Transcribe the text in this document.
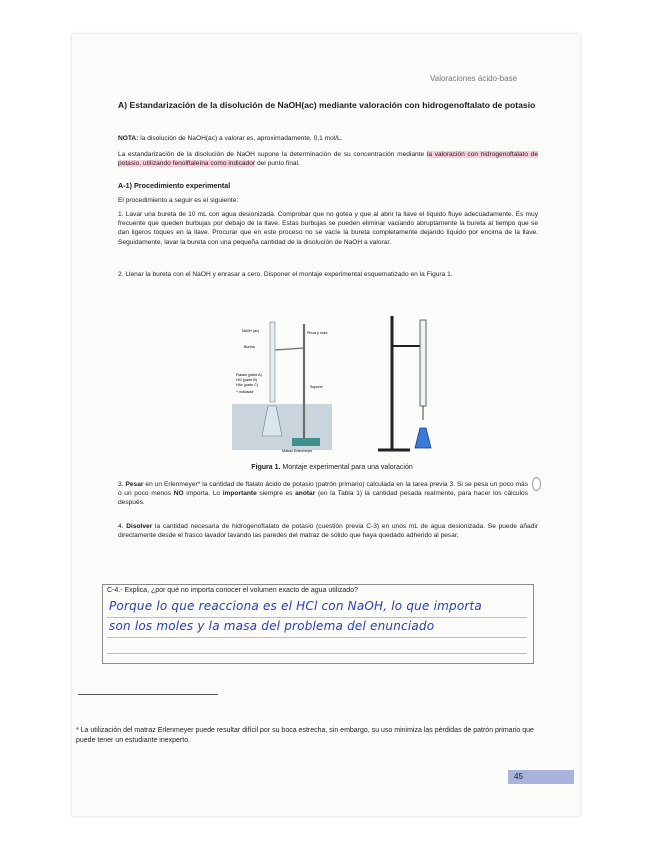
Valoraciones ácido-base
A) Estandarización de la disolución de NaOH(ac) mediante valoración con hidrogenoftalato de potasio
NOTA: la disolución de NaOH(ac) a valorar es, aproximadamente, 0,1 mol/L.
La estandarización de la disolución de NaOH supone la determinación de su concentración mediante la valoración con hidrogenoftalato de potasio, utilizando fenolftaleína como indicador del punto final.
A-1) Procedimiento experimental
El procedimiento a seguir es el siguiente:
1. Lavar una bureta de 10 mL con agua desionizada. Comprobar que no gotea y que al abrir la llave el líquido fluye adecuadamente. Es muy frecuente que queden burbujas por debajo de la llave. Estas burbujas se pueden eliminar vaciando abruptamente la bureta al tiempo que se dan ligeros toques en la llave. Procurar que en este proceso no se vacíe la bureta completamente dejando líquido por encima de la llave. Seguidamente, lavar la bureta con una pequeña cantidad de la disolución de NaOH a valorar.
2. Llenar la bureta con el NaOH y enrasar a cero. Disponer el montaje experimental esquematizado en la Figura 1.
NaOH (ac)	Pinza y nuez
Bureta
Ftalato (parte A)
HCl (parte B)
HAc (parte C)
+ indicador
Soporte
Matraz Erlenmeyer
Figura 1. Montaje experimental para una valoración
3. Pesar en un Erlenmeyer* la cantidad de ftalato ácido de potasio (patrón primario) calculada en la tarea previa 3. Si se pesa un poco más o un poco menos NO importa. Lo importante siempre es anotar (en la Tabla 1) la cantidad pesada realmente, para hacer los cálculos después.
4. Disolver la cantidad necesaria de hidrogenoftalato de potasio (cuestión previa C-3) en unos mL de agua desionizada. Se puede añadir directamente desde el frasco lavador lavando las paredes del matraz de sólido que haya quedado adherido al pesar.
C-4.- Explica, ¿por qué no importa conocer el volumen exacto de agua utilizado?
Porque lo que reacciona es el HCl con NaOH, lo que importa
son los moles y la masa del problema del enunciado
* La utilización del matraz Erlenmeyer puede resultar difícil por su boca estrecha, sin embargo, su uso minimiza las pérdidas de patrón primario que puede tener un estudiante inexperto.
45
